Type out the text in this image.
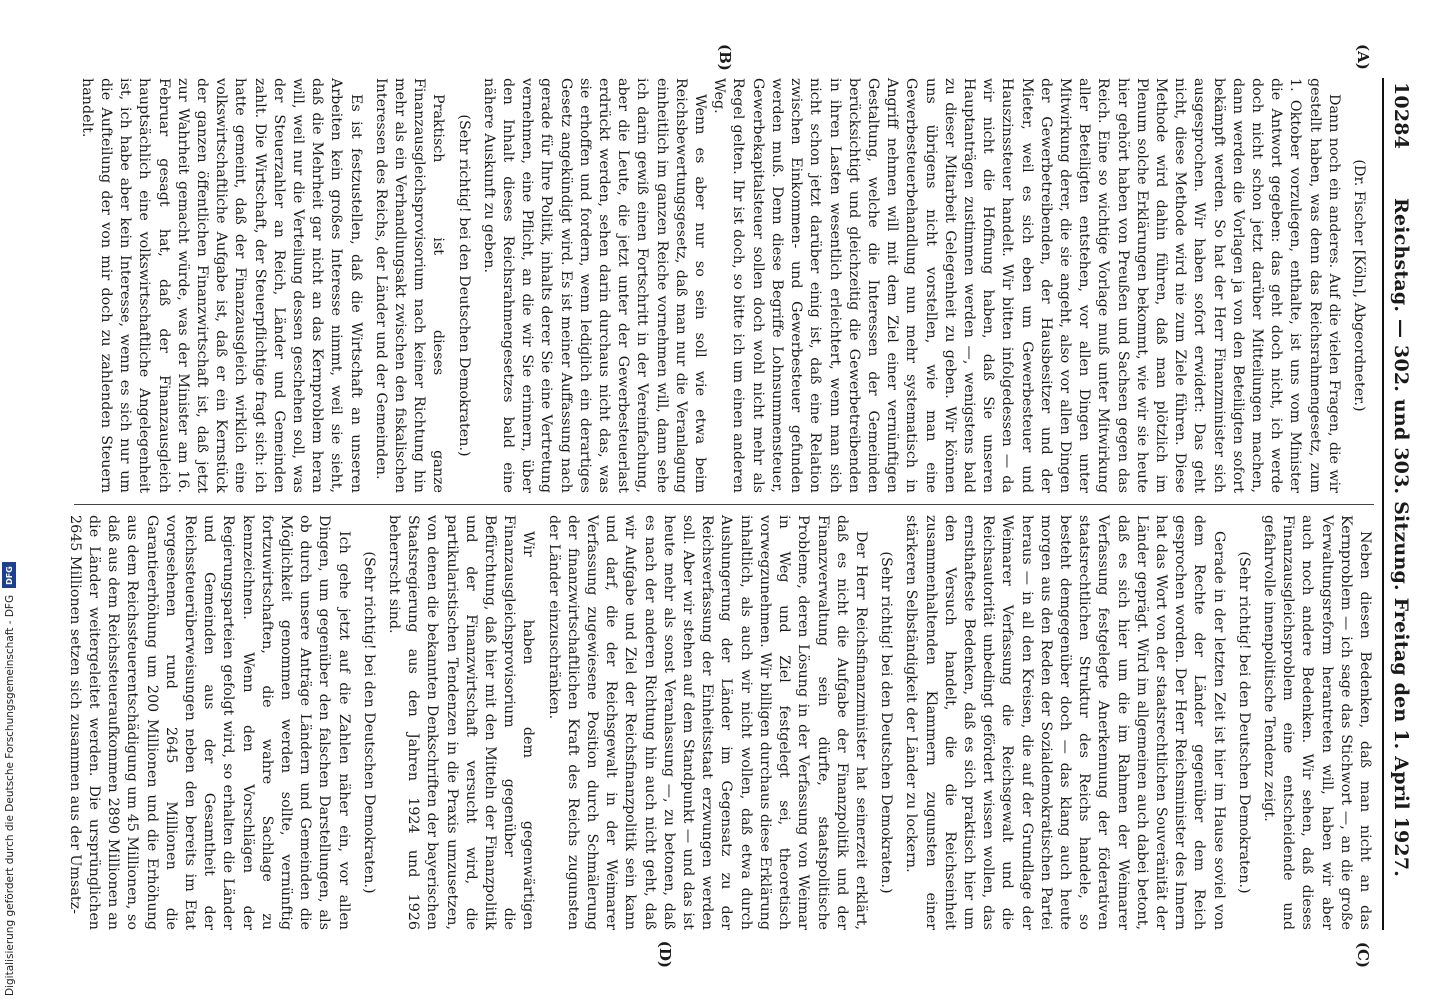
10284
Reichstag. — 302. und 303. Sitzung. Freitag den 1. April 1927.
(A)
(B)
(C)
(D)

(Dr. Fischer [Köln], Abgeordneter.)

Dann noch ein anderes. Auf die vielen Fragen, die wir gestellt haben, was denn das Reichsrahmengesetz, zum 1. Oktober vorzulegen, enthalte, ist uns vom Minister die Antwort gegeben: das geht doch nicht, ich werde doch nicht schon jetzt darüber Mitteilungen machen, dann werden die Vorlagen ja von den Beteiligten sofort bekämpft werden. So hat der Herr Finanzminister sich ausgesprochen. Wir haben sofort erwidert: Das geht nicht, diese Methode wird nie zum Ziele führen. Diese Methode wird dahin führen, daß man plötzlich im Plenum solche Erklärungen bekommt, wie wir sie heute hier gehört haben von Preußen und Sachsen gegen das Reich. Eine so wichtige Vorlage muß unter Mitwirkung aller Beteiligten entstehen, vor allen Dingen unter Mitwirkung derer, die sie angeht, also vor allen Dingen der Gewerbetreibenden, der Hausbesitzer und der Mieter, weil es sich eben um Gewerbesteuer und Hauszinssteuer handelt. Wir bitten infolgedessen — da wir nicht die Hoffnung haben, daß Sie unseren Hauptanträgen zustimmen werden —, wenigstens bald zu dieser Mitarbeit Gelegenheit zu geben. Wir können uns übrigens nicht vorstellen, wie man eine Gewerbesteuerbehandlung nun mehr systematisch in Angriff nehmen will mit dem Ziel einer vernünftigen Gestaltung, welche die Interessen der Gemeinden berücksichtigt und gleichzeitig die Gewerbetreibenden in ihren Lasten wesentlich erleichtert, wenn man sich nicht schon jetzt darüber einig ist, daß eine Relation zwischen Einkommen- und Gewerbesteuer gefunden werden muß. Denn diese Begriffe Lohnsummensteuer, Gewerbekapitalsteuer sollen doch wohl nicht mehr als Regel gelten. Ihr ist doch, so bitte ich um einen anderen Weg.

Wenn es aber nur so sein soll wie etwa beim Reichsbewertungsgesetz, daß man nur die Veranlagung einheitlich im ganzen Reiche vornehmen will, dann sehe ich darin gewiß einen Fortschritt in der Vereinfachung, aber die Leute, die jetzt unter der Gewerbesteuerlast erdrückt werden, sehen darin durchaus nicht das, was sie erhoffen und fordern, wenn lediglich ein derartiges Gesetz angekündigt wird. Es ist meiner Auffassung nach gerade für Ihre Politik, inhalts derer Sie eine Vertretung vernehmen, eine Pflicht, an die wir Sie erinnern, über den Inhalt dieses Reichsrahmengesetzes bald eine nähere Auskunft zu geben.

(Sehr richtig! bei den Deutschen Demokraten.)

Praktisch ist dieses ganze Finanzausgleichsprovisorium nach keiner Richtung hin mehr als ein Verhandlungsakt zwischen den fiskalischen Interessen des Reichs, der Länder und der Gemeinden.

Es ist festzustellen, daß die Wirtschaft an unseren Arbeiten kein großes Interesse nimmt, weil sie sieht, daß die Mehrheit gar nicht an das Kernproblem heran will, weil nur die Verteilung dessen geschehen soll, was der Steuerzahler an Reich, Länder und Gemeinden zahlt. Die Wirtschaft, der Steuerpflichtige fragt sich: ich hatte gemeint, daß der Finanzausgleich wirklich eine volkswirtschaftliche Aufgabe ist, daß er ein Kernstück der ganzen öffentlichen Finanzwirtschaft ist, daß jetzt zur Wahrheit gemacht würde, was der Minister am 16. Februar gesagt hat, daß der Finanzausgleich hauptsächlich eine volkswirtschaftliche Angelegenheit ist, ich habe aber kein Interesse, wenn es sich nur um die Aufteilung der von mir doch zu zahlenden Steuern handelt.

Neben diesen Bedenken, daß man nicht an das Kernproblem — ich sage das Stichwort —, an die große Verwaltungsreform herantreten will, haben wir aber auch noch andere Bedenken. Wir sehen, daß dieses Finanzausgleichsproblem eine entscheidende und gefahrvolle innenpolitische Tendenz zeigt.

(Sehr richtig! bei den Deutschen Demokraten.)

Gerade in der letzten Zeit ist hier im Hause soviel von dem Rechte der Länder gegenüber dem Reich gesprochen worden. Der Herr Reichsminister des Innern hat das Wort von der staatsrechtlichen Souveränität der Länder geprägt. Wird im allgemeinen auch dabei betont, daß es sich hier um die im Rahmen der Weimarer Verfassung festgelegte Anerkennung der föderativen staatsrechtlichen Struktur des Reichs handele, so besteht demgegenüber doch — das klang auch heute morgen aus den Reden der Sozialdemokratischen Partei heraus — in all den Kreisen, die auf der Grundlage der Weimarer Verfassung die Reichsgewalt und die Reichsautorität unbedingt gefördert wissen wollen, das ernsthafteste Bedenken, daß es sich praktisch hier um den Versuch handelt, die die Reichseinheit zusammenhaltenden Klammern zugunsten einer stärkeren Selbständigkeit der Länder zu lockern.

(Sehr richtig! bei den Deutschen Demokraten.)

Der Herr Reichsfinanzminister hat seinerzeit erklärt, daß es nicht die Aufgabe der Finanzpolitik und der Finanzverwaltung sein dürfte, staatspolitische Probleme, deren Lösung in der Verfassung von Weimar in Weg und Ziel festgelegt sei, theoretisch vorwegzunehmen. Wir billigen durchaus diese Erklärung inhaltlich, als auch wir nicht wollen, daß etwa durch Aushungerung der Länder im Gegensatz zu der Reichsverfassung der Einheitsstaat erzwungen werden soll. Aber wir stehen auf dem Standpunkt — und das ist heute mehr als sonst Veranlassung —, zu betonen, daß es nach der anderen Richtung hin auch nicht geht, daß wir Aufgabe und Ziel der Reichsfinanzpolitik sein kann und darf, die der Reichsgewalt in der Weimarer Verfassung zugewiesene Position durch Schmälerung der finanzwirtschaftlichen Kraft des Reichs zugunsten der Länder einzuschränken.

Wir haben dem gegenwärtigen Finanzausgleichsprovisorium gegenüber die Befürchtung, daß hier mit den Mitteln der Finanzpolitik und der Finanzwirtschaft versucht wird, die partikularistischen Tendenzen in die Praxis umzusetzen, von denen die bekannten Denkschriften der bayerischen Staatsregierung aus den Jahren 1924 und 1926 beherrscht sind.

(Sehr richtig! bei den Deutschen Demokraten.)

Ich gehe jetzt auf die Zahlen näher ein, vor allen Dingen, um gegenüber den falschen Darstellungen, als ob durch unsere Anträge Ländern und Gemeinden die Möglichkeit genommen werden sollte, vernünftig fortzuwirtschaften, die wahre Sachlage zu kennzeichnen. Wenn den Vorschlägen der Regierungsparteien gefolgt wird, so erhalten die Länder und Gemeinden aus der Gesamtheit der Reichssteuerüberweisungen neben den bereits im Etat vorgesehenen rund 2645 Millionen die Garantieerhöhung um 200 Millionen und die Erhöhung aus dem Reichssteuerentschädigung um 45 Millionen, so daß aus dem Reichssteueraufkommen 2890 Millionen an die Länder weitergeleitet werden. Die ursprünglichen 2645 Millionen setzen sich zusammen aus der Umsatz-

Digitalisierung gefördert durch die Deutsche Forschungsgemeinschaft - DFG
DFG
